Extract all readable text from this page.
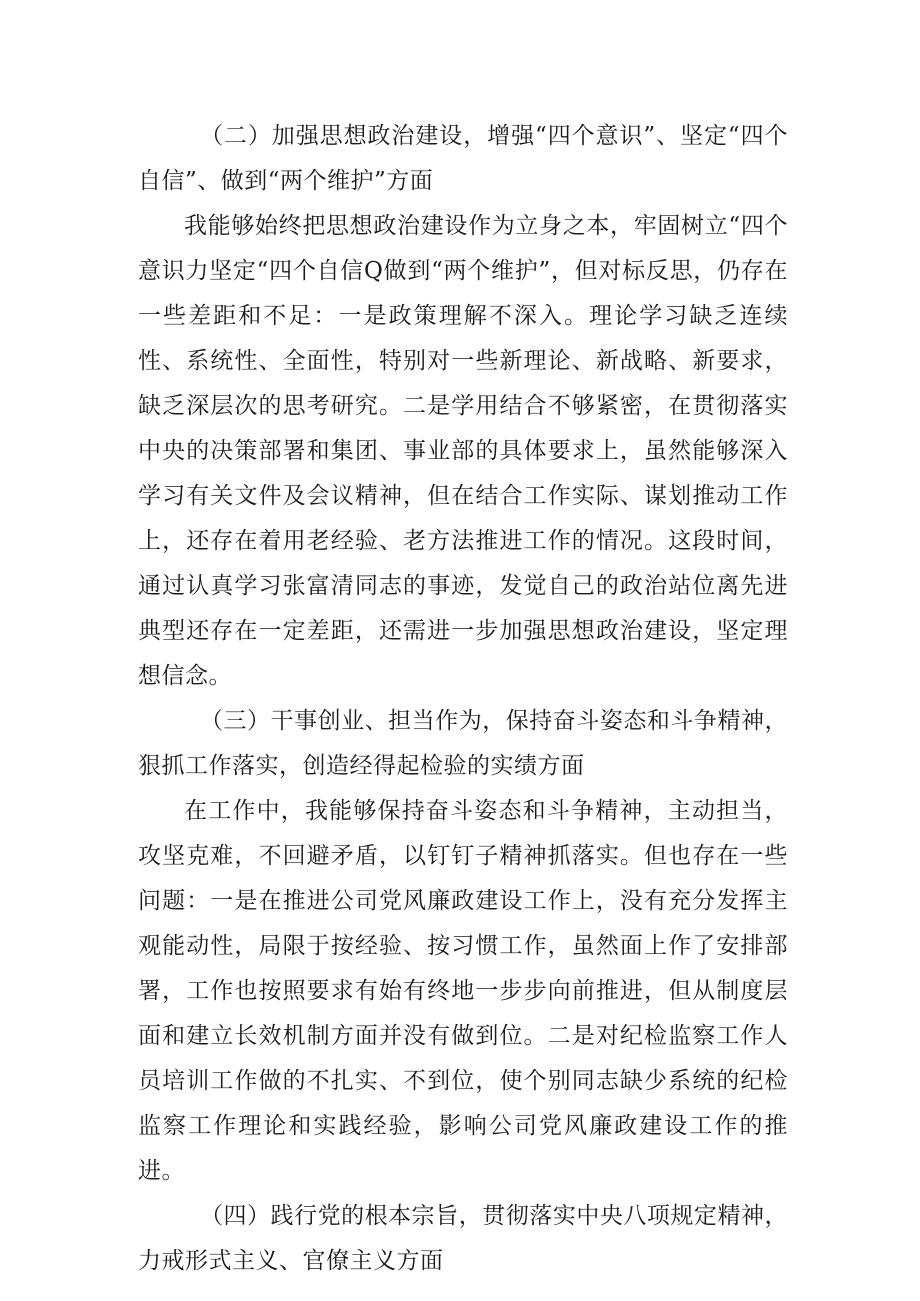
（二）加强思想政治建设，增强“四个意识”、坚定“四个自信”、做到“两个维护”方面

我能够始终把思想政治建设作为立身之本，牢固树立“四个意识力坚定“四个自信Q做到“两个维护”，但对标反思，仍存在一些差距和不足：一是政策理解不深入。理论学习缺乏连续性、系统性、全面性，特别对一些新理论、新战略、新要求，缺乏深层次的思考研究。二是学用结合不够紧密，在贯彻落实中央的决策部署和集团、事业部的具体要求上，虽然能够深入学习有关文件及会议精神，但在结合工作实际、谋划推动工作上，还存在着用老经验、老方法推进工作的情况。这段时间，通过认真学习张富清同志的事迹，发觉自己的政治站位离先进典型还存在一定差距，还需进一步加强思想政治建设，坚定理想信念。

（三）干事创业、担当作为，保持奋斗姿态和斗争精神，狠抓工作落实，创造经得起检验的实绩方面

在工作中，我能够保持奋斗姿态和斗争精神，主动担当，攻坚克难，不回避矛盾，以钉钉子精神抓落实。但也存在一些问题：一是在推进公司党风廉政建设工作上，没有充分发挥主观能动性，局限于按经验、按习惯工作，虽然面上作了安排部署，工作也按照要求有始有终地一步步向前推进，但从制度层面和建立长效机制方面并没有做到位。二是对纪检监察工作人员培训工作做的不扎实、不到位，使个别同志缺少系统的纪检监察工作理论和实践经验，影响公司党风廉政建设工作的推进。

（四）践行党的根本宗旨，贯彻落实中央八项规定精神，力戒形式主义、官僚主义方面
